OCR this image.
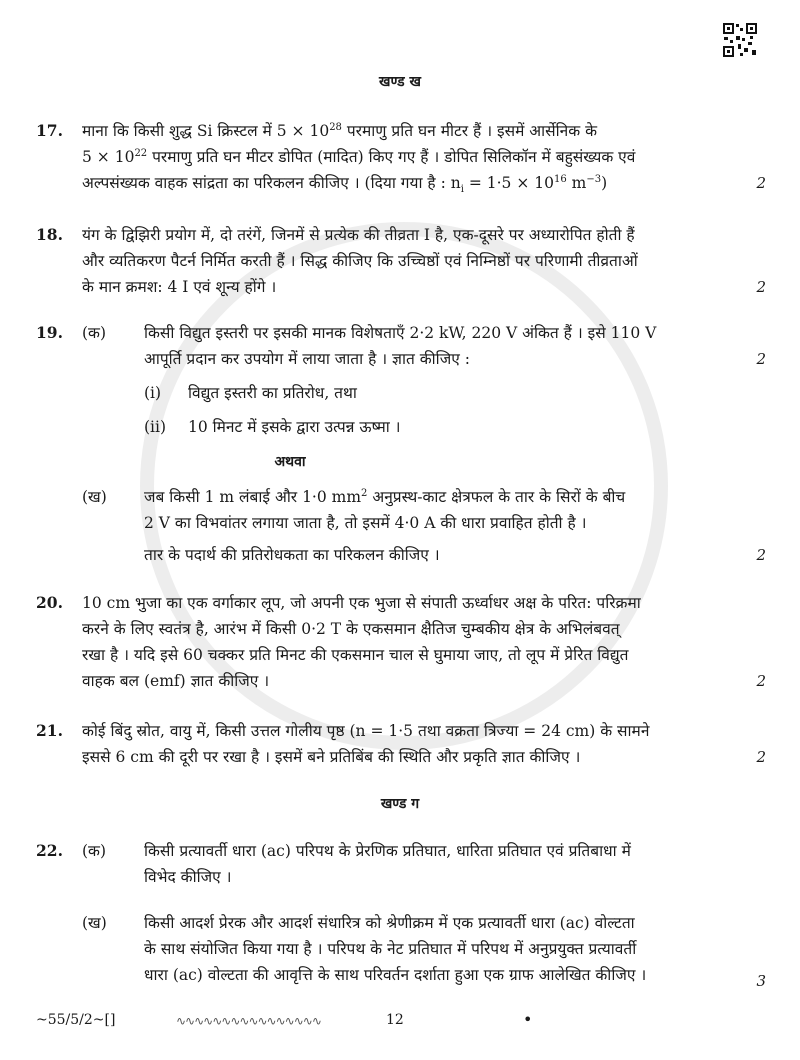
खण्ड ख
17. माना कि किसी शुद्ध Si क्रिस्टल में $5 \times 10^{28}$ परमाणु प्रति घन मीटर हैं । इसमें आर्सेनिक के
$5 \times 10^{22}$ परमाणु प्रति घन मीटर डोपित (मादित) किए गए हैं । डोपित सिलिकॉन में बहुसंख्यक एवं
अल्पसंख्यक वाहक सांद्रता का परिकलन कीजिए । (दिया गया है : $n_i = 1\cdot 5 \times 10^{16}$ $m^{-3}$)	2
18. यंग के द्विझिरी प्रयोग में, दो तरंगें, जिनमें से प्रत्येक की तीव्रता I है, एक-दूसरे पर अध्यारोपित होती हैं
और व्यतिकरण पैटर्न निर्मित करती हैं । सिद्ध कीजिए कि उच्चिष्ठों एवं निम्निष्ठों पर परिणामी तीव्रताओं
के मान क्रमश: 4 I एवं शून्य होंगे ।	2
19. (क)	किसी विद्युत इस्तरी पर इसकी मानक विशेषताएँ 2·2 kW, 220 V अंकित हैं । इसे 110 V
आपूर्ति प्रदान कर उपयोग में लाया जाता है । ज्ञात कीजिए :	2
(i) विद्युत इस्तरी का प्रतिरोध, तथा
(ii) 10 मिनट में इसके द्वारा उत्पन्न ऊष्मा ।
अथवा
(ख)	जब किसी 1 m लंबाई और 1·0 $mm^2$ अनुप्रस्थ-काट क्षेत्रफल के तार के सिरों के बीच
2 V का विभवांतर लगाया जाता है, तो इसमें 4·0 A की धारा प्रवाहित होती है ।
तार के पदार्थ की प्रतिरोधकता का परिकलन कीजिए ।	2
20. 10 cm भुजा का एक वर्गाकार लूप, जो अपनी एक भुजा से संपाती ऊर्ध्वाधर अक्ष के परित: परिक्रमा
करने के लिए स्वतंत्र है, आरंभ में किसी 0·2 T के एकसमान क्षैतिज चुम्बकीय क्षेत्र के अभिलंबवत्
रखा है । यदि इसे 60 चक्कर प्रति मिनट की एकसमान चाल से घुमाया जाए, तो लूप में प्रेरित विद्युत
वाहक बल (emf) ज्ञात कीजिए ।	2
21. कोई बिंदु स्रोत, वायु में, किसी उत्तल गोलीय पृष्ठ (n = 1·5 तथा वक्रता त्रिज्या = 24 cm) के सामने
इससे 6 cm की दूरी पर रखा है । इसमें बने प्रतिबिंब की स्थिति और प्रकृति ज्ञात कीजिए ।	2
खण्ड ग
22. (क)	किसी प्रत्यावर्ती धारा (ac) परिपथ के प्रेरणिक प्रतिघात, धारिता प्रतिघात एवं प्रतिबाधा में
विभेद कीजिए ।
(ख)	किसी आदर्श प्रेरक और आदर्श संधारित्र को श्रेणीक्रम में एक प्रत्यावर्ती धारा (ac) वोल्टता
के साथ संयोजित किया गया है । परिपथ के नेट प्रतिघात में परिपथ में अनुप्रयुक्त प्रत्यावर्ती
धारा (ac) वोल्टता की आवृत्ति के साथ परिवर्तन दर्शाता हुआ एक ग्राफ आलेखित कीजिए ।	3
~55/5/2~[]	∿∿∿∿∿∿∿∿∿∿∿∿∿∿∿∿	12	•
